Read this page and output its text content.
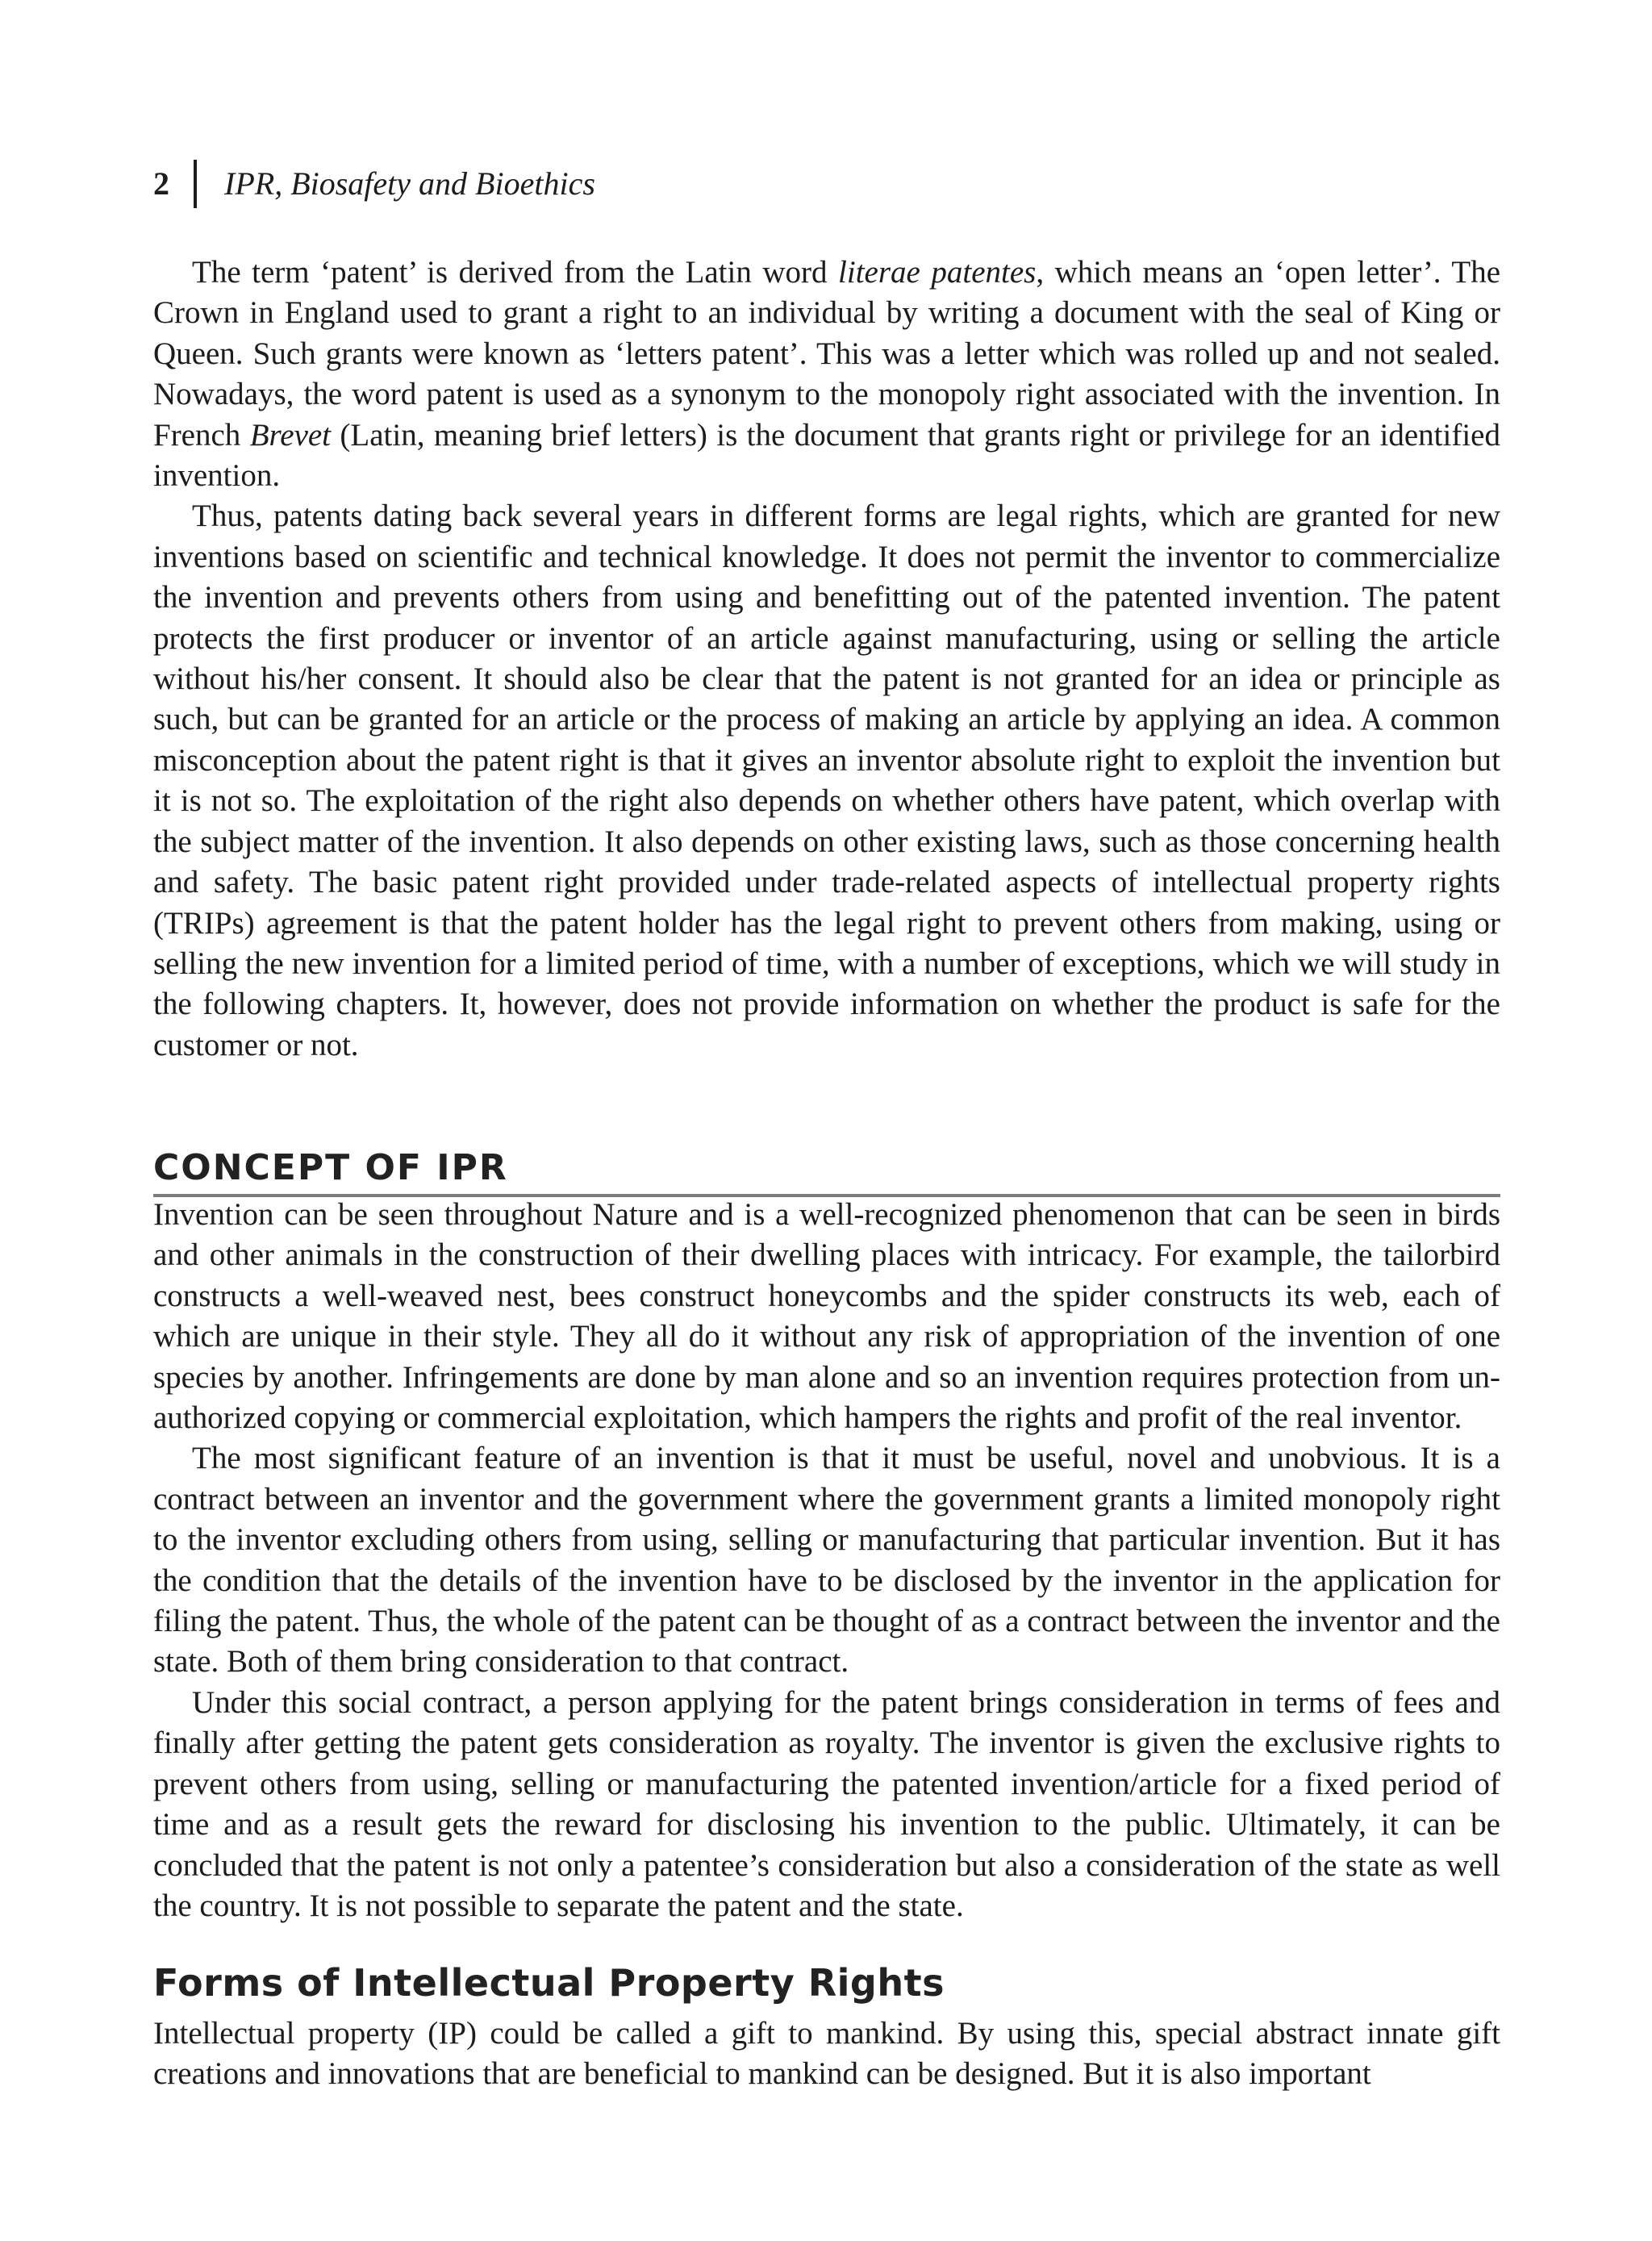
2	IPR, Biosafety and Bioethics

The term ‘patent’ is derived from the Latin word literae patentes, which means an ‘open letter’. The Crown in England used to grant a right to an individual by writing a document with the seal of King or Queen. Such grants were known as ‘letters patent’. This was a letter which was rolled up and not sealed. Nowadays, the word patent is used as a synonym to the monopoly right associated with the invention. In French Brevet (Latin, meaning brief letters) is the document that grants right or privilege for an identified invention.

Thus, patents dating back several years in different forms are legal rights, which are granted for new inventions based on scientific and technical knowledge. It does not permit the inventor to commercialize the invention and prevents others from using and benefitting out of the patented invention. The patent protects the first producer or inventor of an article against manufacturing, using or selling the article without his/her consent. It should also be clear that the patent is not granted for an idea or principle as such, but can be granted for an article or the process of making an article by applying an idea. A common misconception about the patent right is that it gives an inventor absolute right to exploit the invention but it is not so. The exploitation of the right also depends on whether others have patent, which overlap with the subject matter of the invention. It also depends on other existing laws, such as those concerning health and safety. The basic patent right provided under trade-related aspects of intellectual property rights (TRIPs) agreement is that the patent holder has the legal right to prevent others from making, using or selling the new invention for a limited period of time, with a number of exceptions, which we will study in the following chapters. It, however, does not provide information on whether the product is safe for the customer or not.

CONCEPT OF IPR

Invention can be seen throughout Nature and is a well-recognized phenomenon that can be seen in birds and other animals in the construction of their dwelling places with intricacy. For example, the tailorbird constructs a well-weaved nest, bees construct honeycombs and the spider constructs its web, each of which are unique in their style. They all do it without any risk of appropriation of the invention of one species by another. Infringements are done by man alone and so an invention requires protection from unauthorized copying or commercial exploitation, which hampers the rights and profit of the real inventor.

The most significant feature of an invention is that it must be useful, novel and unobvious. It is a contract between an inventor and the government where the government grants a limited monopoly right to the inventor excluding others from using, selling or manufacturing that particular invention. But it has the condition that the details of the invention have to be disclosed by the inventor in the application for filing the patent. Thus, the whole of the patent can be thought of as a contract between the inventor and the state. Both of them bring consideration to that contract.

Under this social contract, a person applying for the patent brings consideration in terms of fees and finally after getting the patent gets consideration as royalty. The inventor is given the exclusive rights to prevent others from using, selling or manufacturing the patented invention/article for a fixed period of time and as a result gets the reward for disclosing his invention to the public. Ultimately, it can be concluded that the patent is not only a patentee’s consideration but also a consideration of the state as well the country. It is not possible to separate the patent and the state.

Forms of Intellectual Property Rights

Intellectual property (IP) could be called a gift to mankind. By using this, special abstract innate gift creations and innovations that are beneficial to mankind can be designed. But it is also important
